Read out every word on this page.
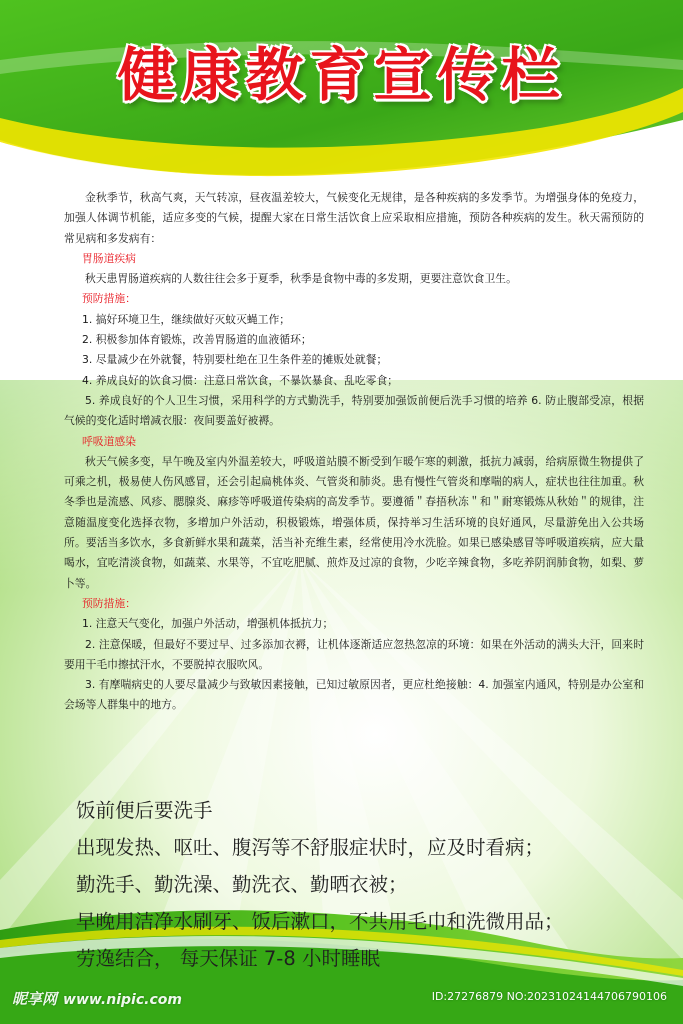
健康教育宣传栏

金秋季节，秋高气爽，天气转凉，昼夜温差较大，气候变化无规律，是各种疾病的多发季节。为增强身体的免疫力，加强人体调节机能，适应多变的气候，提醒大家在日常生活饮食上应采取相应措施，预防各种疾病的发生。秋天需预防的常见病和多发病有：

胃肠道疾病

秋天患胃肠道疾病的人数往往会多于夏季，秋季是食物中毒的多发期，更要注意饮食卫生。

预防措施：

1. 搞好环境卫生，继续做好灭蚊灭蝇工作；

2. 积极参加体育锻炼，改善胃肠道的血液循环；

3. 尽量减少在外就餐，特别要杜绝在卫生条件差的摊贩处就餐；

4. 养成良好的饮食习惯：注意日常饮食，不暴饮暴食、乱吃零食；

5. 养成良好的个人卫生习惯，采用科学的方式勤洗手，特别要加强饭前便后洗手习惯的培养 6. 防止腹部受凉，根据气候的变化适时增减衣服：夜间要盖好被褥。

呼吸道感染

秋天气候多变，早午晚及室内外温差较大，呼吸道站膜不断受到乍暖乍寒的刺激，抵抗力减弱，给病原微生物提供了可乘之机，极易使人伤风感冒，还会引起扁桃体炎、气管炎和肺炎。患有慢性气管炎和摩喘的病人，症状也往往加重。秋冬季也是流感、风疹、腮腺炎、麻疹等呼吸道传染病的高发季节。要遵循＂春捂秋冻＂和＂耐寒锻炼从秋始＂的规律，注意随温度变化选择衣物，多增加户外活动，积极锻炼，增强体质，保持举习生活环境的良好通风，尽量游免出入公共场所。要活当多饮水，多食新鲜水果和蔬菜，活当补充维生素，经常使用冷水洗脸。如果已感染感冒等呼吸道疾病，应大量喝水，宜吃清淡食物，如蔬菜、水果等，不宜吃肥腻、煎炸及过凉的食物，少吃辛辣食物，多吃养阴润肺食物，如梨、萝卜等。

预防措施：

1. 注意天气变化，加强户外活动，增强机体抵抗力；

2. 注意保暖，但最好不要过早、过多添加衣褥，让机体逐渐适应忽热忽凉的环境：如果在外活动的满头大汗，回来时要用干毛巾擦拭汗水，不要脱掉衣服吹风。

3. 有摩喘病史的人要尽量减少与致敏因素接触，已知过敏原因者，更应杜绝接触：4. 加强室内通风，特别是办公室和会场等人群集中的地方。

饭前便后要洗手
出现发热、呕吐、腹泻等不舒服症状时，应及时看病；
勤洗手、勤洗澡、勤洗衣、勤晒衣被；
早晚用洁净水刷牙、饭后漱口，不共用毛巾和洗微用品；
劳逸结合， 每天保证 7-8 小时睡眠
昵享网 www.nipic.com	ID:27276879 NO:20231024144706790106
